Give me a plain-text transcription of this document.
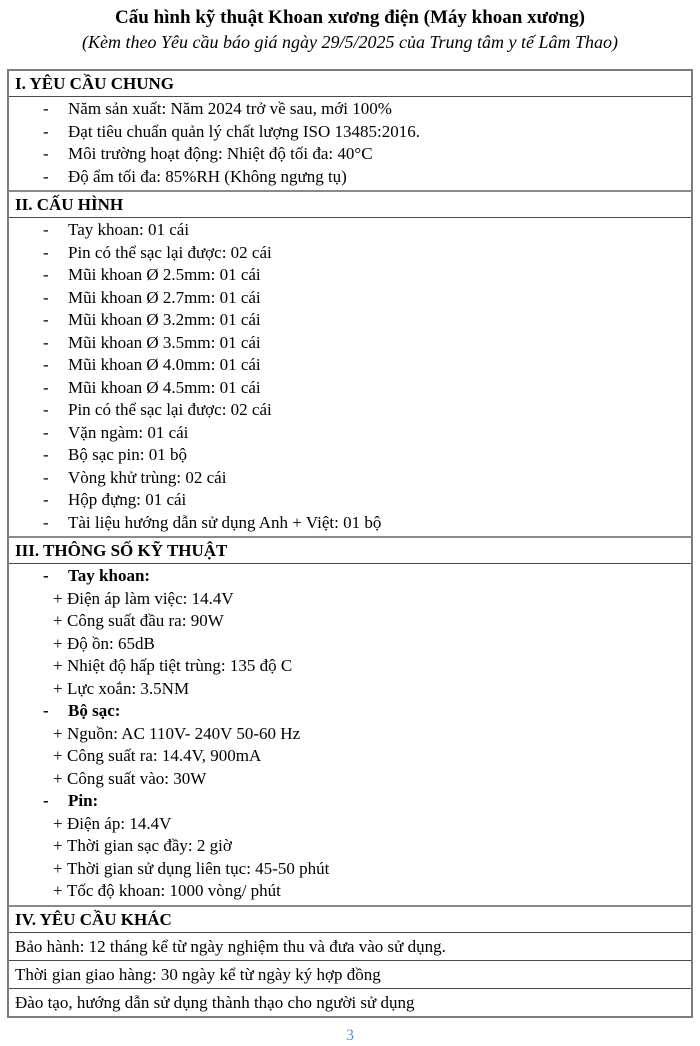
Cấu hình kỹ thuật Khoan xương điện (Máy khoan xương)
(Kèm theo Yêu cầu báo giá ngày 29/5/2025 của Trung tâm y tế Lâm Thao)
I. YÊU CẦU CHUNG
- Năm sản xuất: Năm 2024 trở về sau, mới 100%
- Đạt tiêu chuẩn quản lý chất lượng ISO 13485:2016.
- Môi trường hoạt động: Nhiệt độ tối đa: 40°C
- Độ ẩm tối đa: 85%RH (Không ngưng tụ)
II. CẤU HÌNH
- Tay khoan: 01 cái
- Pin có thể sạc lại được: 02 cái
- Mũi khoan Ø 2.5mm: 01 cái
- Mũi khoan Ø 2.7mm: 01 cái
- Mũi khoan Ø 3.2mm: 01 cái
- Mũi khoan Ø 3.5mm: 01 cái
- Mũi khoan Ø 4.0mm: 01 cái
- Mũi khoan Ø 4.5mm: 01 cái
- Pin có thể sạc lại được: 02 cái
- Vặn ngàm: 01 cái
- Bộ sạc pin: 01 bộ
- Vòng khử trùng: 02 cái
- Hộp đựng: 01 cái
- Tài liệu hướng dẫn sử dụng Anh + Việt: 01 bộ
III. THÔNG SỐ KỸ THUẬT
- Tay khoan:
+ Điện áp làm việc: 14.4V
+ Công suất đầu ra: 90W
+ Độ ồn: 65dB
+ Nhiệt độ hấp tiệt trùng: 135 độ C
+ Lực xoắn: 3.5NM
- Bộ sạc:
+ Nguồn: AC 110V- 240V 50-60 Hz
+ Công suất ra: 14.4V, 900mA
+ Công suất vào: 30W
- Pin:
+ Điện áp: 14.4V
+ Thời gian sạc đầy: 2 giờ
+ Thời gian sử dụng liên tục: 45-50 phút
+ Tốc độ khoan: 1000 vòng/ phút
IV. YÊU CẦU KHÁC
Bảo hành: 12 tháng kể từ ngày nghiệm thu và đưa vào sử dụng.
Thời gian giao hàng: 30 ngày kể từ ngày ký hợp đồng
Đào tạo, hướng dẫn sử dụng thành thạo cho người sử dụng
3
